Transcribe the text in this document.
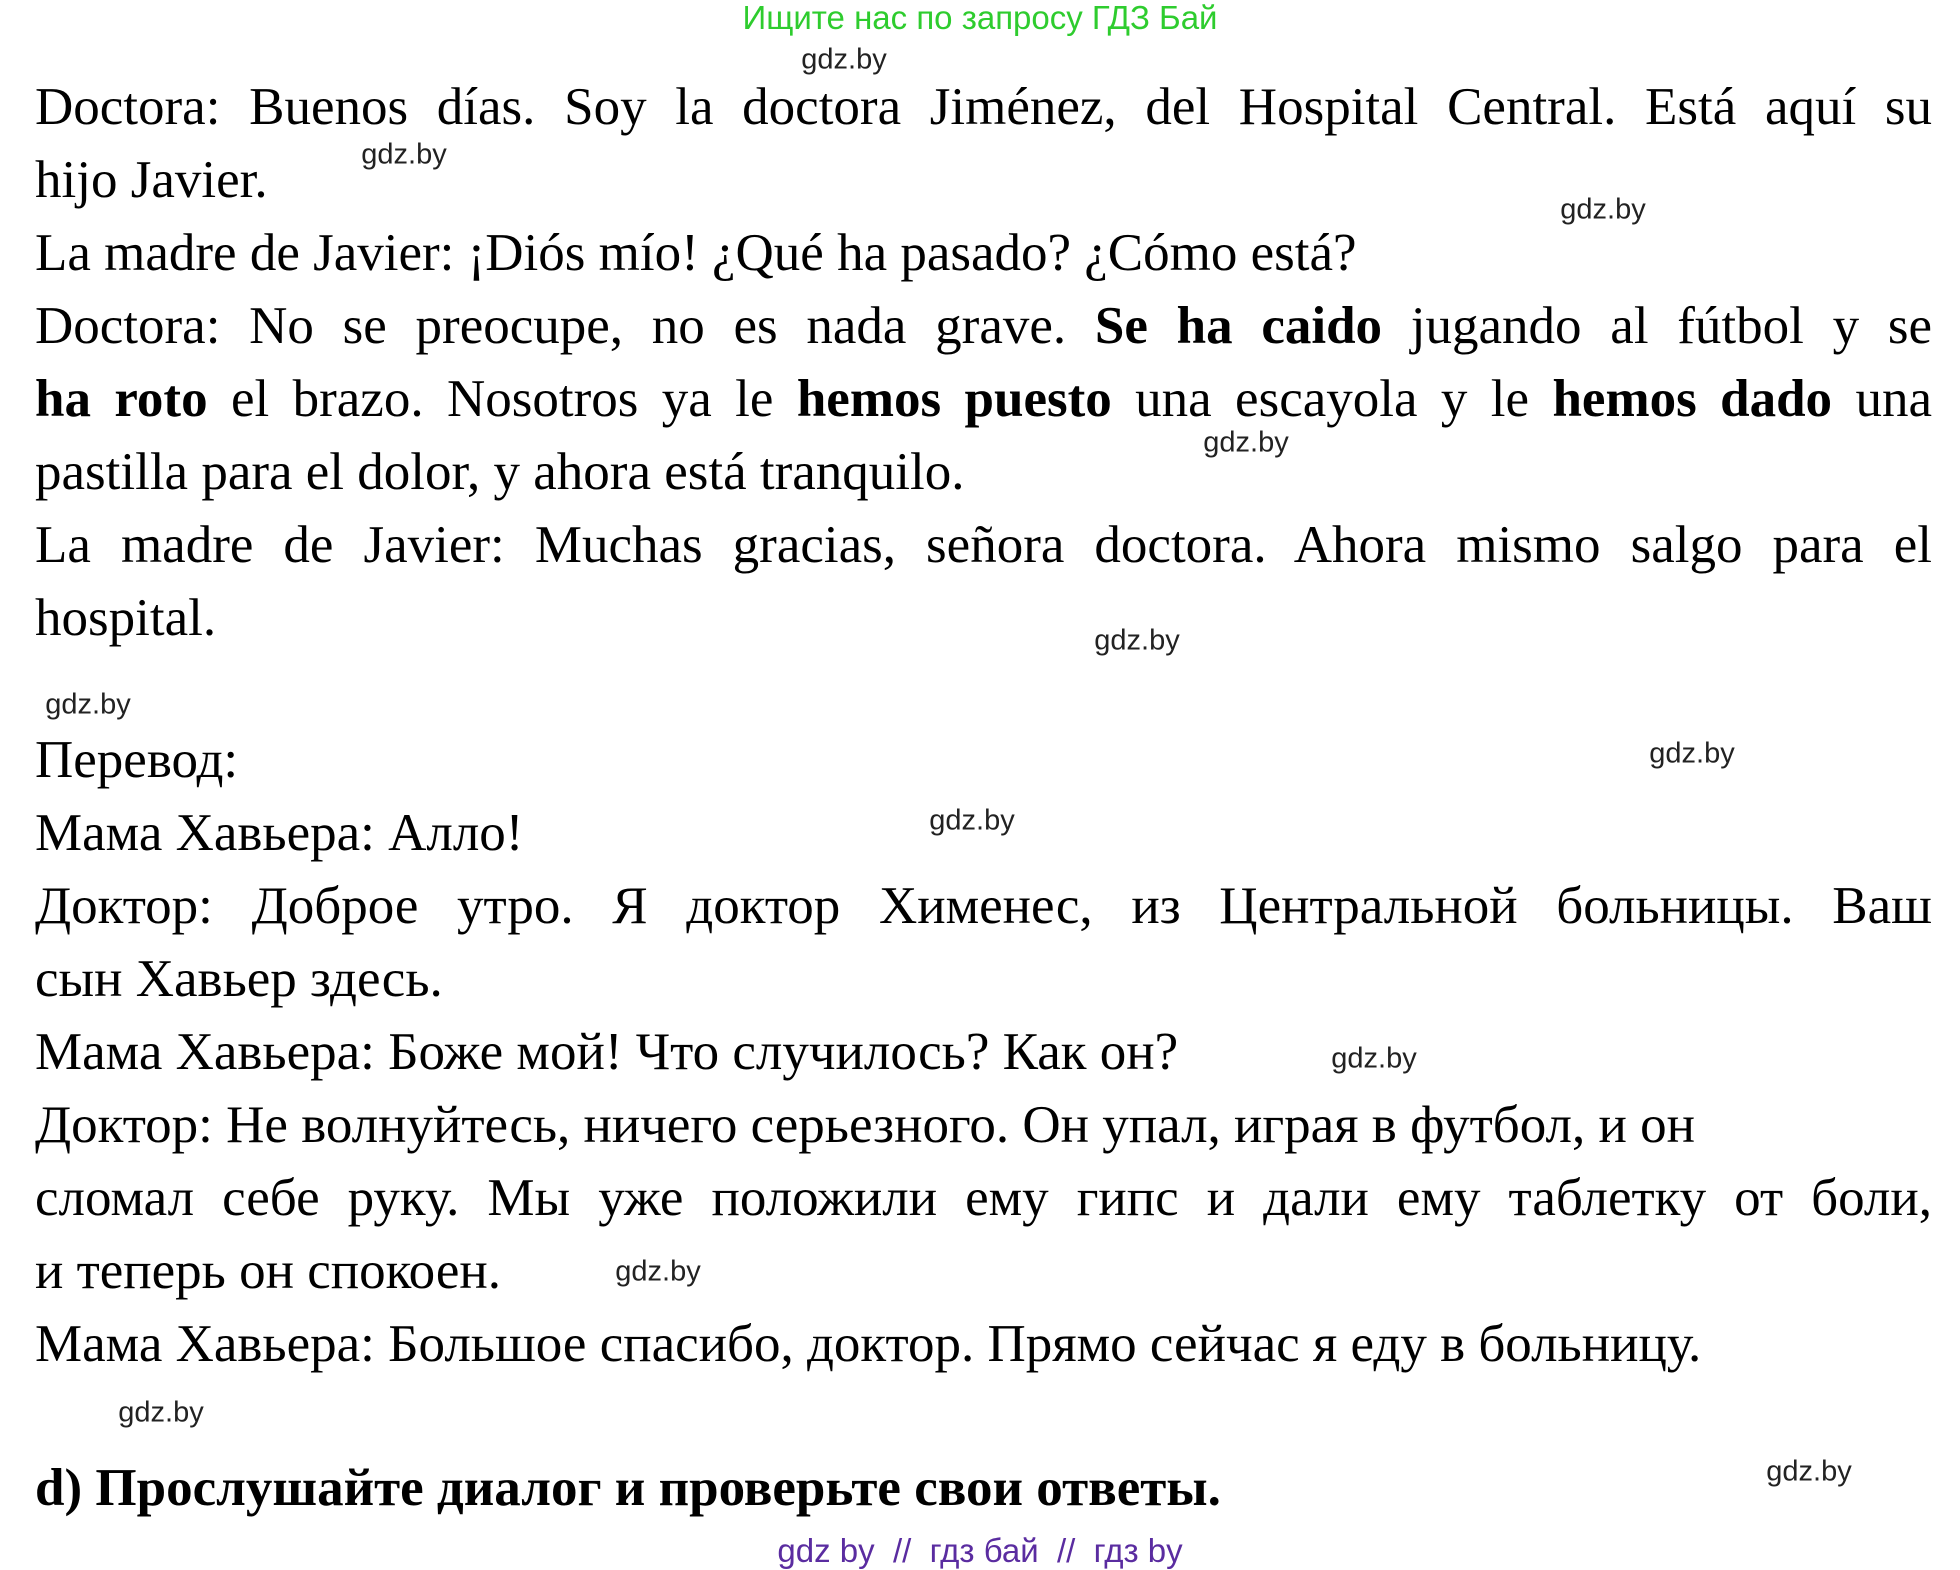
Ищите нас по запросу ГДЗ Бай
Doctora: Buenos días. Soy la doctora Jiménez, del Hospital Central. Está aquí su
hijo Javier.
La madre de Javier: ¡Diós mío! ¿Qué ha pasado? ¿Cómo está?
Doctora: No se preocupe, no es nada grave. Se ha caido jugando al fútbol y se
ha roto el brazo. Nosotros ya le hemos puesto una escayola y le hemos dado una
pastilla para el dolor, y ahora está tranquilo.
La madre de Javier: Muchas gracias, señora doctora. Ahora mismo salgo para el
hospital.
Перевод:
Мама Хавьера: Алло!
Доктор: Доброе утро. Я доктор Хименес, из Центральной больницы. Ваш
сын Хавьер здесь.
Мама Хавьера: Боже мой! Что случилось? Как он?
Доктор: Не волнуйтесь, ничего серьезного. Он упал, играя в футбол, и он
сломал себе руку. Мы уже положили ему гипс и дали ему таблетку от боли,
и теперь он спокоен.
Мама Хавьера: Большое спасибо, доктор. Прямо сейчас я еду в больницу.
d) Прослушайте диалог и проверьте свои ответы.
gdz.by
gdz.by
gdz.by
gdz.by
gdz.by
gdz.by
gdz.by
gdz.by
gdz.by
gdz.by
gdz.by
gdz.by
gdz by  //  гдз бай  //  гдз by
